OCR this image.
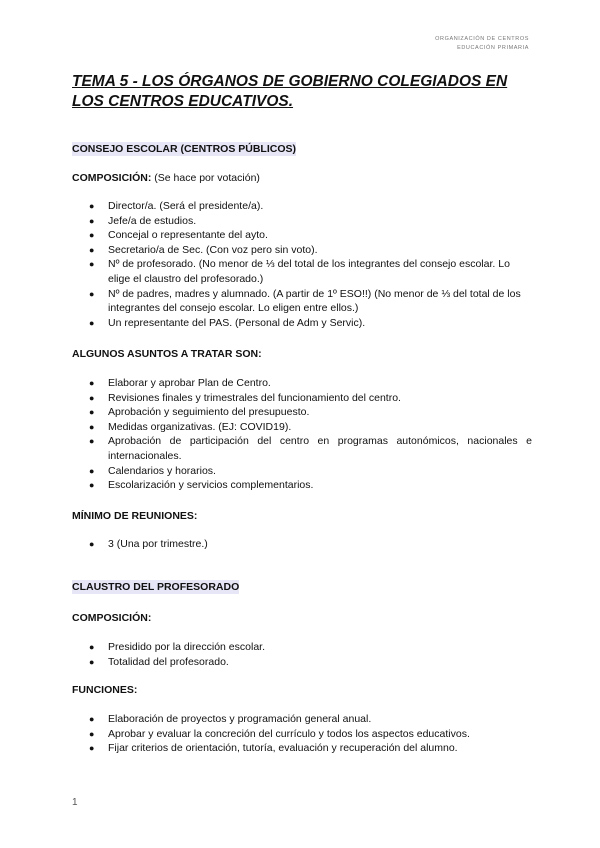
ORGANIZACIÓN DE CENTROS
EDUCACIÓN PRIMARIA
TEMA 5 - LOS ÓRGANOS DE GOBIERNO COLEGIADOS EN LOS CENTROS EDUCATIVOS.
CONSEJO ESCOLAR (CENTROS PÚBLICOS)
COMPOSICIÓN: (Se hace por votación)
● Director/a. (Será el presidente/a).
● Jefe/a de estudios.
● Concejal o representante del ayto.
● Secretario/a de Sec. (Con voz pero sin voto).
● Nº de profesorado. (No menor de ⅓ del total de los integrantes del consejo escolar. Lo elige el claustro del profesorado.)
● Nº de padres, madres y alumnado. (A partir de 1º ESO!!) (No menor de ⅓ del total de los integrantes del consejo escolar. Lo eligen entre ellos.)
● Un representante del PAS. (Personal de Adm y Servic).
ALGUNOS ASUNTOS A TRATAR SON:
● Elaborar y aprobar Plan de Centro.
● Revisiones finales y trimestrales del funcionamiento del centro.
● Aprobación y seguimiento del presupuesto.
● Medidas organizativas. (EJ: COVID19).
● Aprobación de participación del centro en programas autonómicos, nacionales e internacionales.
● Calendarios y horarios.
● Escolarización y servicios complementarios.
MÍNIMO DE REUNIONES:
● 3 (Una por trimestre.)
CLAUSTRO DEL PROFESORADO
COMPOSICIÓN:
● Presidido por la dirección escolar.
● Totalidad del profesorado.
FUNCIONES:
● Elaboración de proyectos y programación general anual.
● Aprobar y evaluar la concreción del currículo y todos los aspectos educativos.
● Fijar criterios de orientación, tutoría, evaluación y recuperación del alumno.
1
